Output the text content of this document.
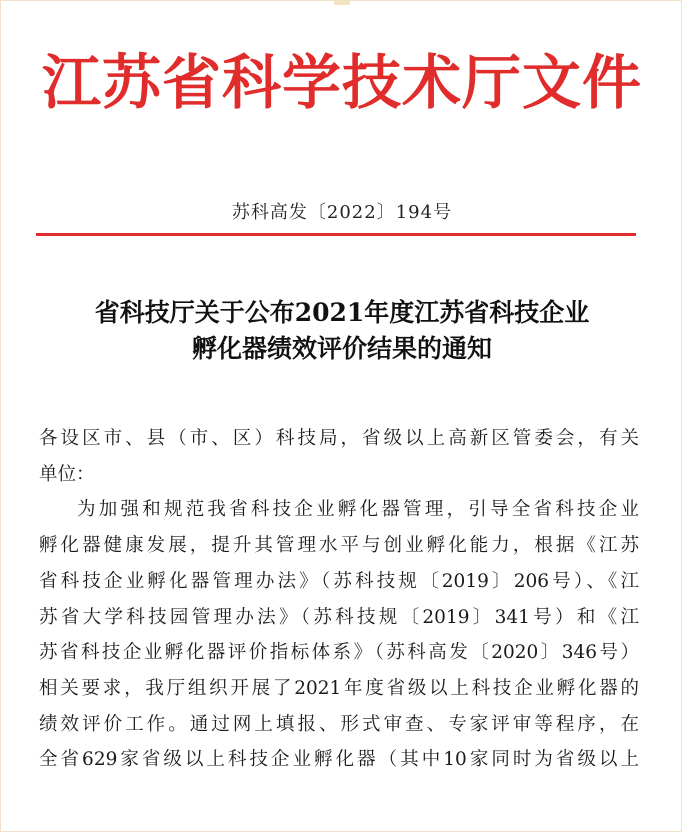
江苏省科学技术厅文件
苏科高发〔2022〕194号
省科技厅关于公布2021年度江苏省科技企业
孵化器绩效评价结果的通知
各设区市、县（市、区）科技局，省级以上高新区管委会，有关
单位：
为加强和规范我省科技企业孵化器管理，引导全省科技企业
孵化器健康发展，提升其管理水平与创业孵化能力，根据《江苏
省科技企业孵化器管理办法》（苏科技规〔2019〕206号）、《江
苏省大学科技园管理办法》（苏科技规〔2019〕341号）和《江
苏省科技企业孵化器评价指标体系》（苏科高发〔2020〕346号）
相关要求，我厅组织开展了2021年度省级以上科技企业孵化器的
绩效评价工作。通过网上填报、形式审查、专家评审等程序，在
全省629家省级以上科技企业孵化器（其中10家同时为省级以上
